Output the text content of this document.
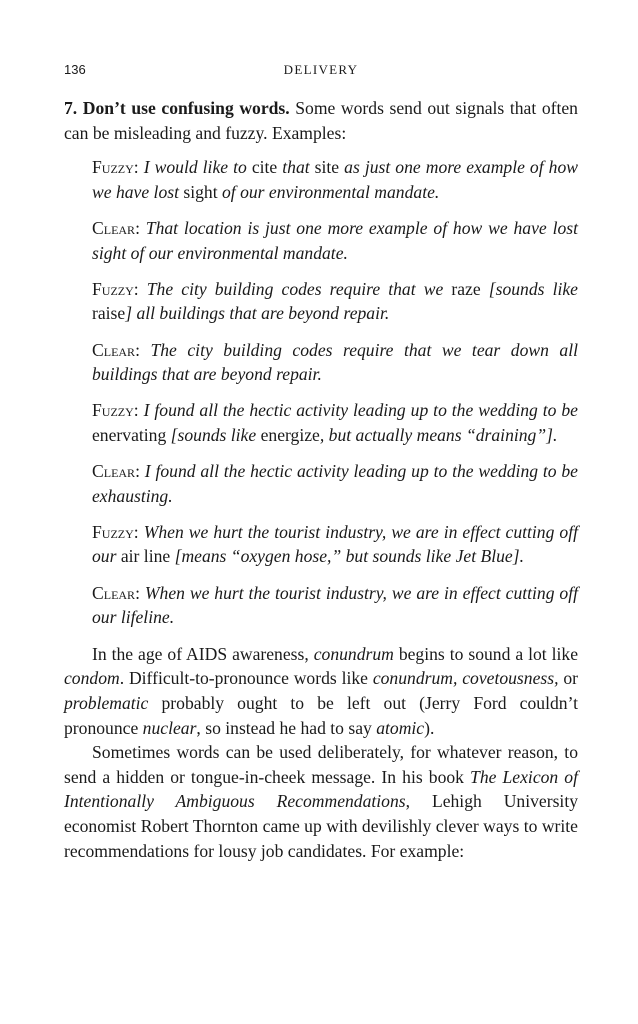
136	DELIVERY

7. Don’t use confusing words. Some words send out signals that often can be misleading and fuzzy. Examples:

Fuzzy: I would like to cite that site as just one more example of how we have lost sight of our environmental mandate.

Clear: That location is just one more example of how we have lost sight of our environmental mandate.

Fuzzy: The city building codes require that we raze [sounds like raise] all buildings that are beyond repair.

Clear: The city building codes require that we tear down all buildings that are beyond repair.

Fuzzy: I found all the hectic activity leading up to the wedding to be enervating [sounds like energize, but actually means “draining”].

Clear: I found all the hectic activity leading up to the wedding to be exhausting.

Fuzzy: When we hurt the tourist industry, we are in effect cutting off our air line [means “oxygen hose,” but sounds like Jet Blue].

Clear: When we hurt the tourist industry, we are in effect cutting off our lifeline.

In the age of AIDS awareness, conundrum begins to sound a lot like condom. Difficult-to-pronounce words like conundrum, covetousness, or problematic probably ought to be left out (Jerry Ford couldn’t pronounce nuclear, so instead he had to say atomic).

Sometimes words can be used deliberately, for whatever reason, to send a hidden or tongue-in-cheek message. In his book The Lexicon of Intentionally Ambiguous Recommendations, Lehigh University economist Robert Thornton came up with devilishly clever ways to write recommendations for lousy job candidates. For example:
